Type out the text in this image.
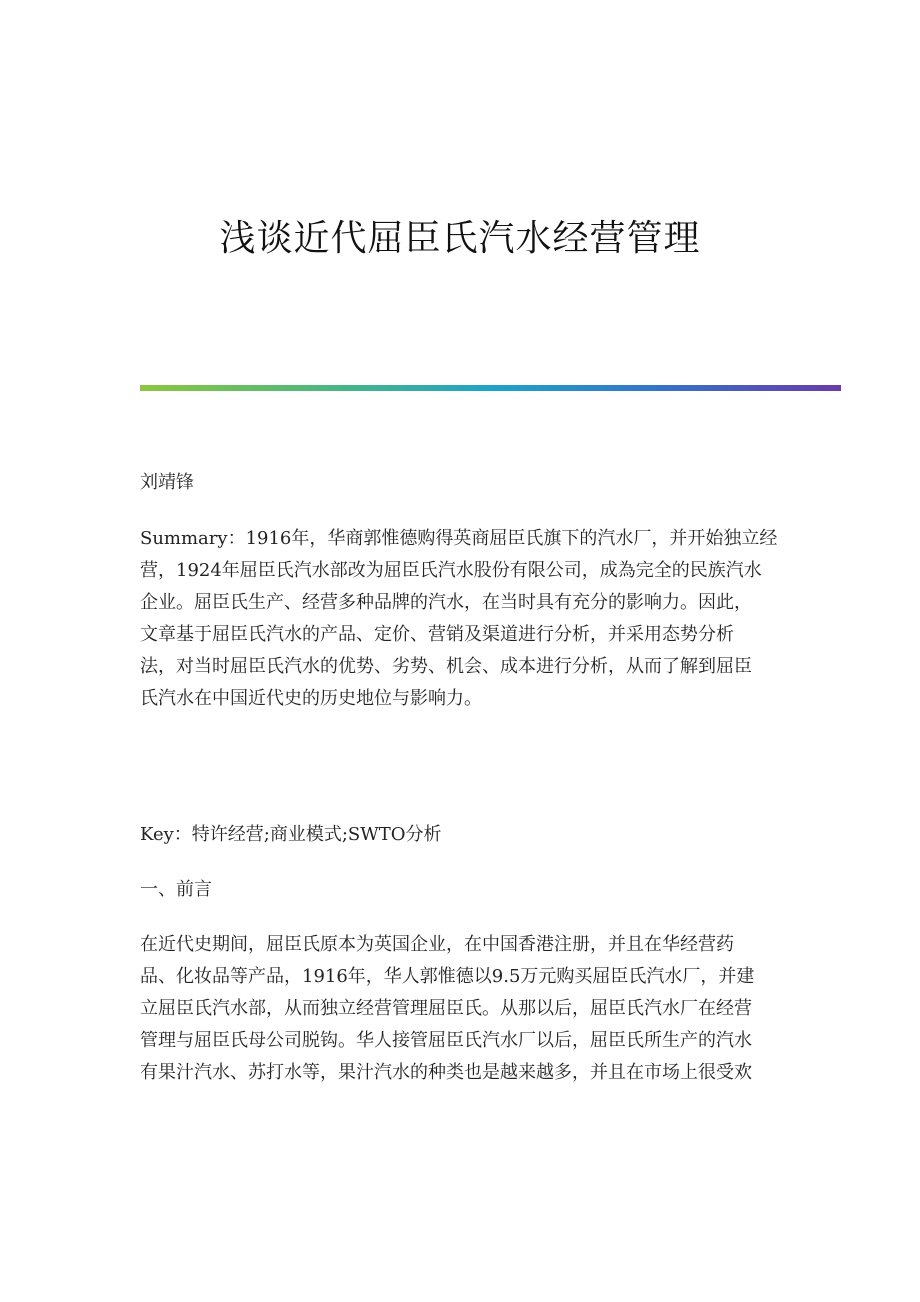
浅谈近代屈臣氏汽水经营管理
刘靖锋
Summary：1916年，华商郭惟德购得英商屈臣氏旗下的汽水厂，并开始独立经
营，1924年屈臣氏汽水部改为屈臣氏汽水股份有限公司，成為完全的民族汽水
企业。屈臣氏生产、经营多种品牌的汽水，在当时具有充分的影响力。因此，
文章基于屈臣氏汽水的产品、定价、营销及渠道进行分析，并采用态势分析
法，对当时屈臣氏汽水的优势、劣势、机会、成本进行分析，从而了解到屈臣
氏汽水在中国近代史的历史地位与影响力。
Key：特许经营;商业模式;SWTO分析
一、前言
在近代史期间，屈臣氏原本为英国企业，在中国香港注册，并且在华经营药
品、化妆品等产品，1916年，华人郭惟德以9.5万元购买屈臣氏汽水厂，并建
立屈臣氏汽水部，从而独立经营管理屈臣氏。从那以后，屈臣氏汽水厂在经营
管理与屈臣氏母公司脱钩。华人接管屈臣氏汽水厂以后，屈臣氏所生产的汽水
有果汁汽水、苏打水等，果汁汽水的种类也是越来越多，并且在市场上很受欢
